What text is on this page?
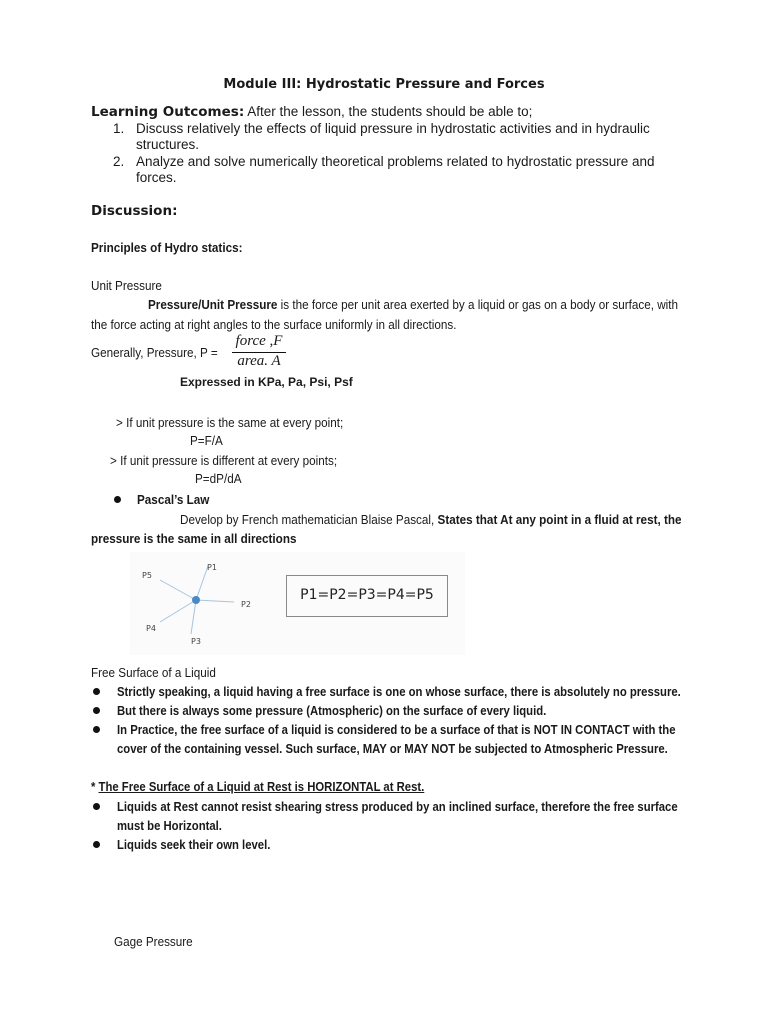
Module III: Hydrostatic Pressure and Forces
Learning Outcomes: After the lesson, the students should be able to;
1. Discuss relatively the effects of liquid pressure in hydrostatic activities and in hydraulic structures.
2. Analyze and solve numerically theoretical problems related to hydrostatic pressure and forces.
Discussion:
Principles of Hydro statics:
Unit Pressure
Pressure/Unit Pressure is the force per unit area exerted by a liquid or gas on a body or surface, with
the force acting at right angles to the surface uniformly in all directions.
Generally, Pressure, P =
force ,F
area. A
Expressed in KPa, Pa, Psi, Psf
> If unit pressure is the same at every point;
P=F/A
> If unit pressure is different at every points;
P=dP/dA
Pascal’s Law
Develop by French mathematician Blaise Pascal, States that At any point in a fluid at rest, the
pressure is the same in all directions
P1
P2
P3
P4
P5
P1=P2=P3=P4=P5
Free Surface of a Liquid
Strictly speaking, a liquid having a free surface is one on whose surface, there is absolutely no pressure.
But there is always some pressure (Atmospheric) on the surface of every liquid.
In Practice, the free surface of a liquid is considered to be a surface of that is NOT IN CONTACT with the
cover of the containing vessel. Such surface, MAY or MAY NOT be subjected to Atmospheric Pressure.
* The Free Surface of a Liquid at Rest is HORIZONTAL at Rest.
Liquids at Rest cannot resist shearing stress produced by an inclined surface, therefore the free surface
must be Horizontal.
Liquids seek their own level.
Gage Pressure
